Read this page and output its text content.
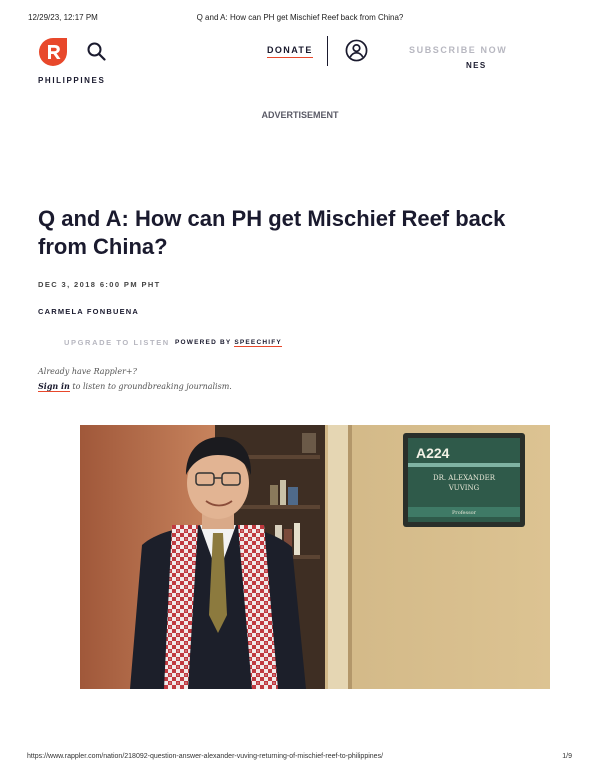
12/29/23, 12:17 PM	Q and A: How can PH get Mischief Reef back from China?
PHILIPPINES
DONATE	SUBSCRIBE NOW
NES
ADVERTISEMENT
Q and A: How can PH get Mischief Reef back from China?
DEC 3, 2018 6:00 PM PHT
CARMELA FONBUENA
UPGRADE TO LISTEN POWERED BY SPEECHIFY
Already have Rappler+?
Sign in to listen to groundbreaking journalism.
A224
DR. ALEXANDER
VUVING
Professor
https://www.rappler.com/nation/218092-question-answer-alexander-vuving-returning-of-mischief-reef-to-philippines/	1/9
